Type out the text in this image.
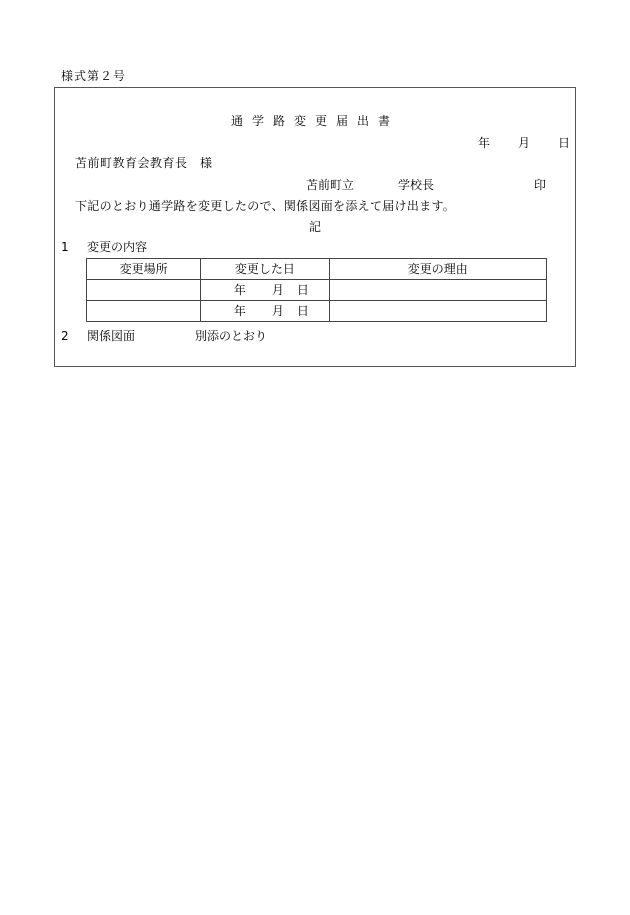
様式第２号
通学路変更届出書
年 月 日
苫前町教育会教育長　様
苫前町立	学校長	印
下記のとおり通学路を変更したので、関係図面を添えて届け出ます。
記
1 変更の内容
変更場所	変更した日	変更の理由
	年 月 日	
	年 月 日	
2 関係図面	別添のとおり
